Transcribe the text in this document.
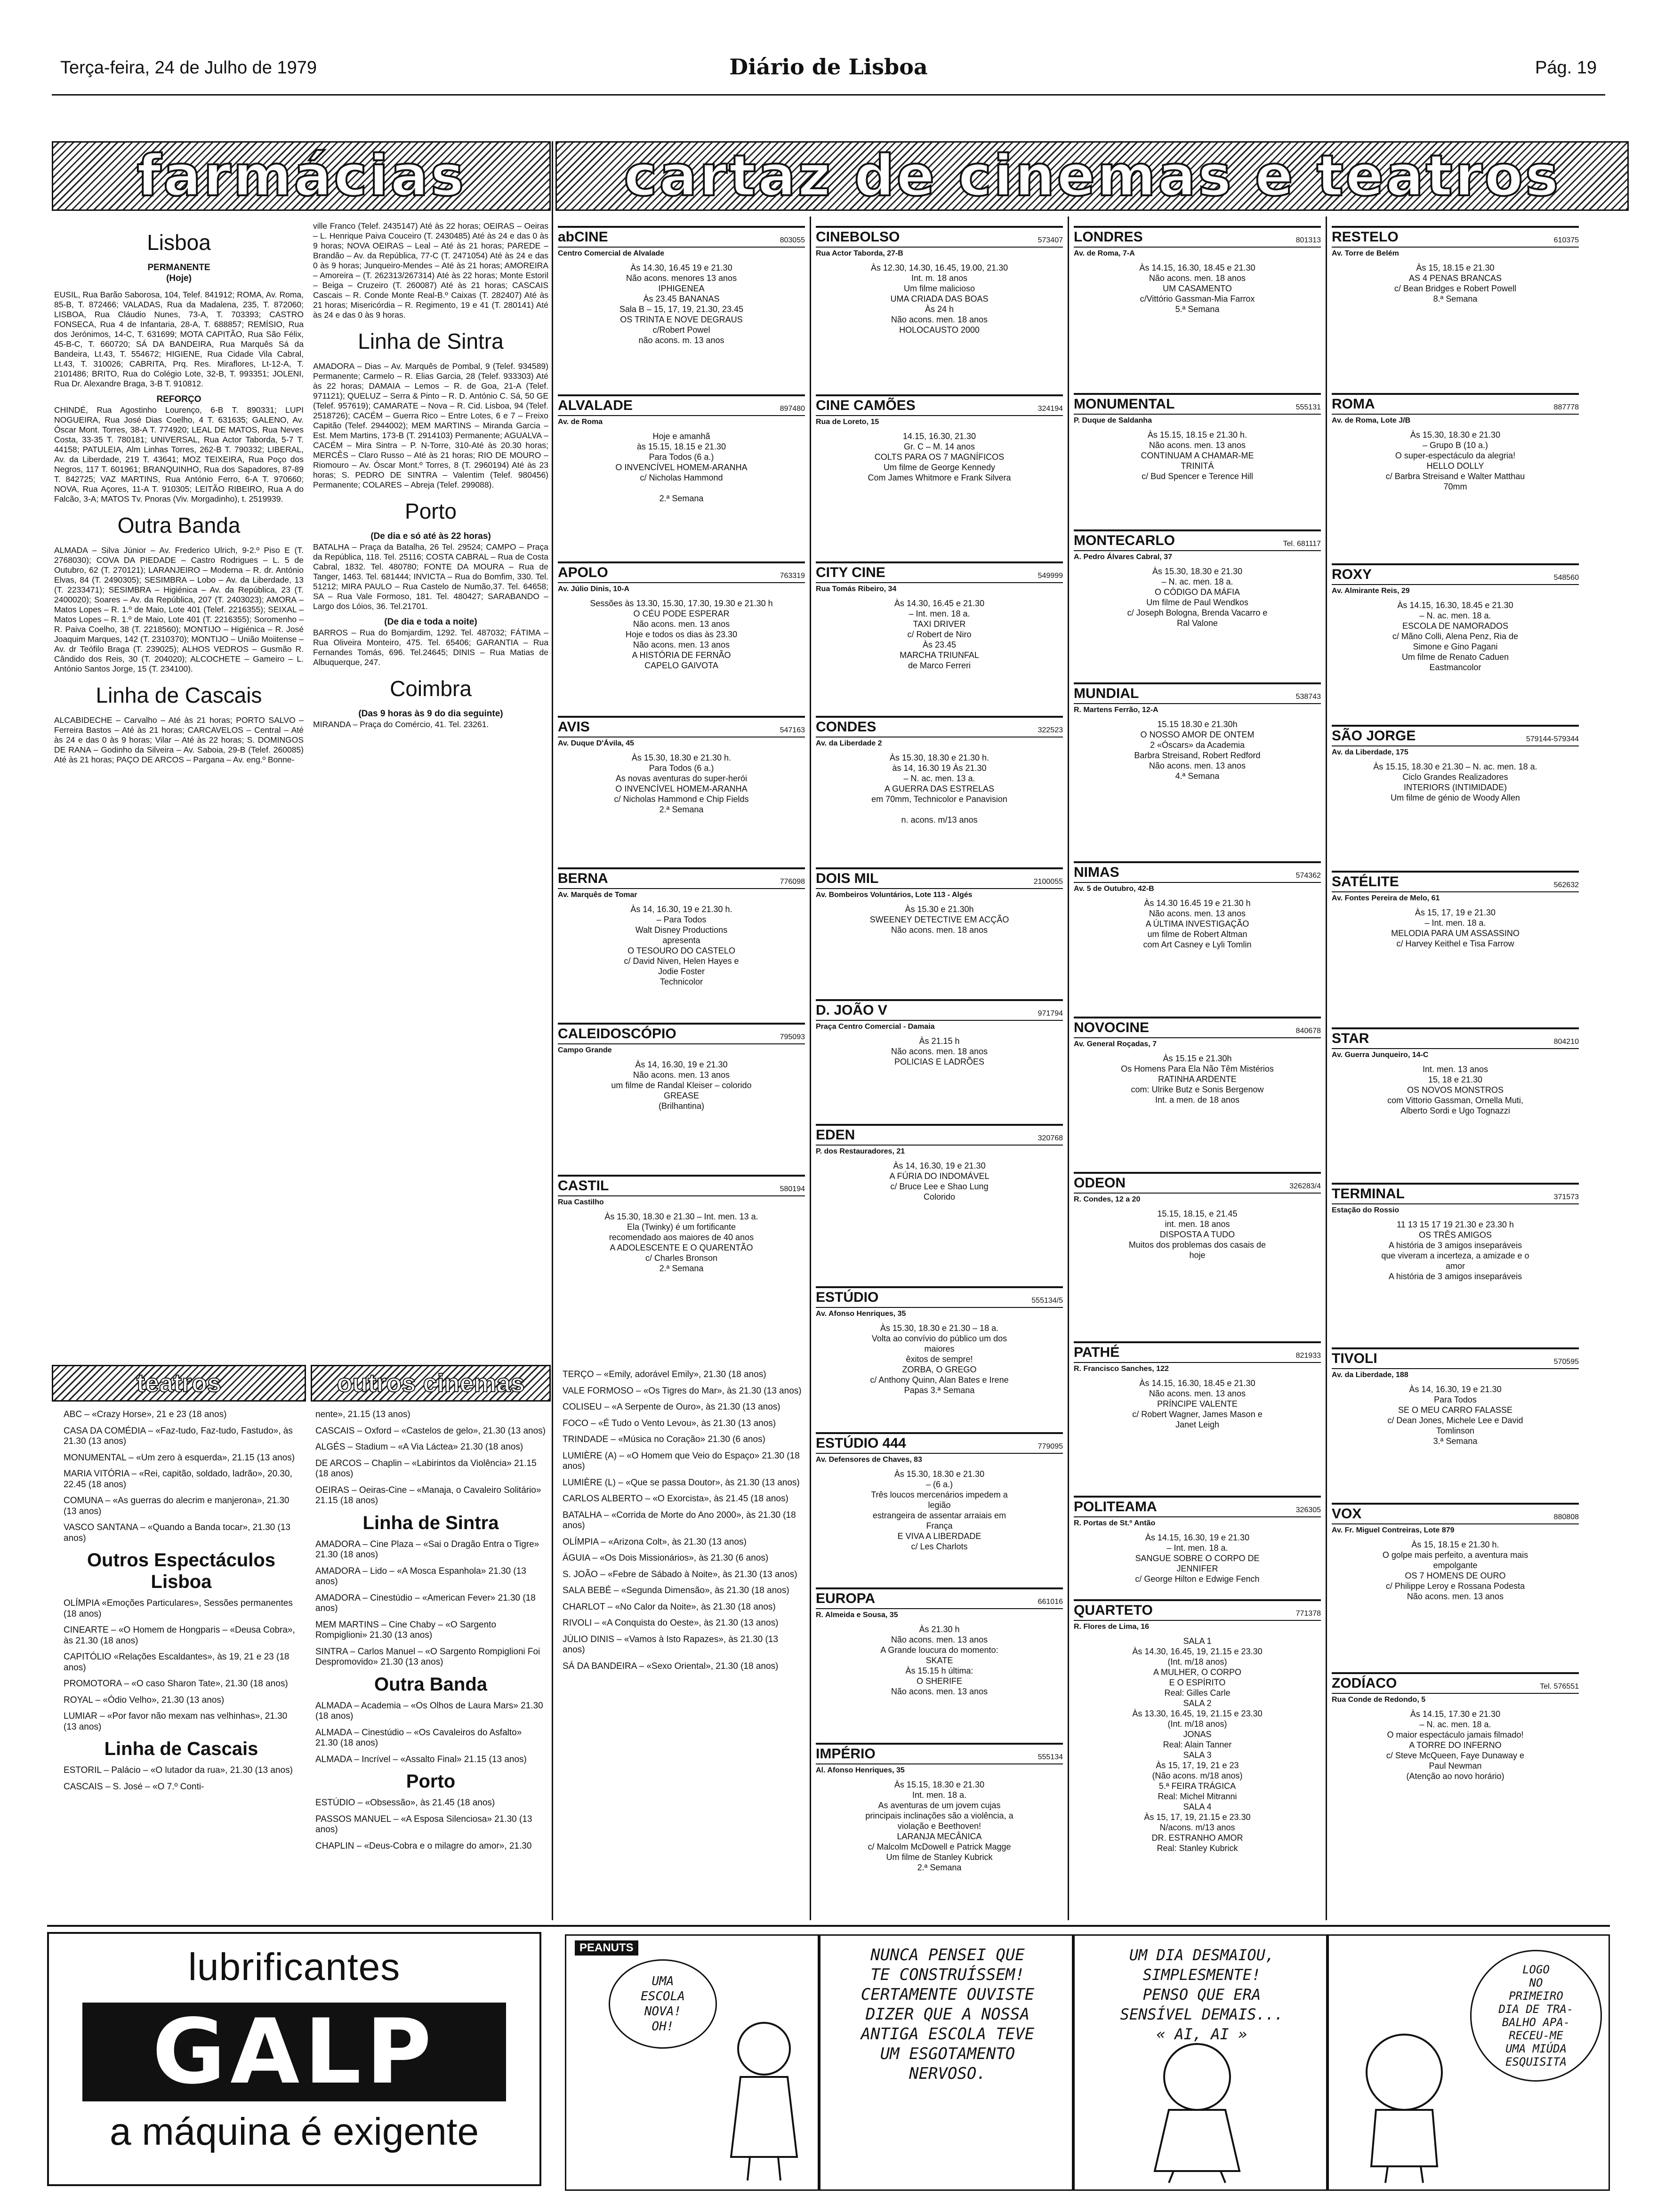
Terça-feira, 24 de Julho de 1979	Diário de Lisboa	Pág. 19
farmácias	cartaz de cinemas e teatros
Lisboa
PERMANENTE
(Hoje)

EUSIL, Rua Barão Saborosa, 104, Telef. 841912; ROMA, Av. Roma, 85-B, T. 872466; VALADAS, Rua da Madalena, 235, T. 872060; LISBOA, Rua Cláudio Nunes, 73-A, T. 703393; CASTRO FONSECA, Rua 4 de Infantaria, 28-A, T. 688857; REMÍSIO, Rua dos Jerónimos, 14-C, T. 631699; MOTA CAPITÃO, Rua São Félix, 45-B-C, T. 660720; SÁ DA BANDEIRA, Rua Marquês Sá da Bandeira, Lt.43, T. 554672; HIGIENE, Rua Cidade Vila Cabral, Lt.43, T. 310026; CABRITA, Prq. Res. Miraflores, Lt-12-A, T. 2101486; BRITO, Rua do Colégio Lote, 32-B, T. 993351; JOLENI, Rua Dr. Alexandre Braga, 3-B T. 910812.

REFORÇO

CHINDÉ, Rua Agostinho Lourenço, 6-B T. 890331; LUPI NOGUEIRA, Rua José Dias Coelho, 4 T. 631635; GALENO, Av. Óscar Mont. Torres, 38-A T. 774920; LEAL DE MATOS, Rua Neves Costa, 33-35 T. 780181; UNIVERSAL, Rua Actor Taborda, 5-7 T. 44158; PATULEIA, Alm Linhas Torres, 262-B T. 790332; LIBERAL, Av. da Liberdade, 219 T. 43641; MOZ TEIXEIRA, Rua Poço dos Negros, 117 T. 601961; BRANQUINHO, Rua dos Sapadores, 87-89 T. 842725; VAZ MARTINS, Rua António Ferro, 6-A T. 970660; NOVA, Rua Açores, 11-A T. 910305; LEITÃO RIBEIRO, Rua A do Falcão, 3-A; MATOS Tv. Pnoras (Viv. Morgadinho), t. 2519939.

Outra Banda

ALMADA – Silva Júnior – Av. Frederico Ulrich, 9-2.º Piso E (T. 2768030); COVA DA PIEDADE – Castro Rodrigues – L. 5 de Outubro, 62 (T. 270121); LARANJEIRO – Moderna – R. dr. António Elvas, 84 (T. 2490305); SESIMBRA – Lobo – Av. da Liberdade, 13 (T. 2233471); SESIMBRA – Higiénica – Av. da República, 23 (T. 2400020); Soares – Av. da República, 207 (T. 2403023); AMORA – Matos Lopes – R. 1.º de Maio, Lote 401 (Telef. 2216355); SEIXAL – Matos Lopes – R. 1.º de Maio, Lote 401 (T. 2216355); Soromenho – R. Paiva Coelho, 38 (T. 2218560); MONTIJO – Higiénica – R. José Joaquim Marques, 142 (T. 2310370); MONTIJO – União Moiitense – Av. dr Teófilo Braga (T. 239025); ALHOS VEDROS – Gusmão R. Cândido dos Reis, 30 (T. 204020); ALCOCHETE – Gameiro – L. António Santos Jorge, 15 (T. 234100).

Linha de Cascais

ALCABIDECHE – Carvalho – Até às 21 horas; PORTO SALVO – Ferreira Bastos – Até às 21 horas; CARCAVELOS – Central – Até às 24 e das 0 às 9 horas; Vilar – Até às 22 horas; S. DOMINGOS DE RANA – Godinho da Silveira – Av. Saboia, 29-B (Telef. 260085) Até às 21 horas; PAÇO DE ARCOS – Pargana – Av. eng.º Bonne-

ville Franco (Telef. 2435147) Até às 22 horas; OEIRAS – Oeiras – L. Henrique Paiva Couceiro (T. 2430485) Até às 24 e das 0 às 9 horas; NOVA OEIRAS – Leal – Até às 21 horas; PAREDE – Brandão – Av. da República, 77-C (T. 2471054) Até às 24 e das 0 às 9 horas; Junqueiro-Mendes – Até às 21 horas; AMOREIRA – Amoreira – (T. 262313/267314) Até às 22 horas; Monte Estoril – Beiga – Cruzeiro (T. 260087) Até às 21 horas; CASCAIS Cascais – R. Conde Monte Real-B.º Caixas (T. 282407) Até às 21 horas; Misericórdia – R. Regimento, 19 e 41 (T. 280141) Até às 24 e das 0 às 9 horas.

Linha de Sintra

AMADORA – Dias – Av. Marquês de Pombal, 9 (Telef. 934589) Permanente; Carmelo – R. Elias Garcia, 28 (Telef. 933303) Até às 22 horas; DAMAIA – Lemos – R. de Goa, 21-A (Telef. 971121); QUELUZ – Serra & Pinto – R. D. António C. Sá, 50 GE (Telef. 957619); CAMARATE – Nova – R. Cid. Lisboa, 94 (Telef. 2518726); CACÉM – Guerra Rico – Entre Lotes, 6 e 7 – Freixo Capitão (Telef. 2944002); MEM MARTINS – Miranda Garcia – Est. Mem Martins, 173-B (T. 2914103) Permanente; AGUALVA – CACÉM – Mira Sintra – P. N-Torre, 310-Até às 20.30 horas; MERCÊS – Claro Russo – Até às 21 horas; RIO DE MOURO – Riomouro – Av. Óscar Mont.º Torres, 8 (T. 2960194) Até às 23 horas; S. PEDRO DE SINTRA – Valentim (Telef. 980456) Permanente; COLARES – Abreja (Telef. 299088).

Porto
(De dia e só até às 22 horas)

BATALHA – Praça da Batalha, 26 Tel. 29524; CAMPO – Praça da República, 118. Tel. 25116; COSTA CABRAL – Rua de Costa Cabral, 1832. Tel. 480780; FONTE DA MOURA – Rua de Tanger, 1463. Tel. 681444; INVICTA – Rua do Bomfim, 330. Tel. 51212; MIRA PAULO – Rua Castelo de Numão,37. Tel. 64658; SA – Rua Vale Formoso, 181. Tel. 480427; SARABANDO – Largo dos Lóios, 36. Tel.21701.

(De dia e toda a noite)

BARROS – Rua do Bomjardim, 1292. Tel. 487032; FÁTIMA – Rua Oliveira Monteiro, 475. Tel. 65406; GARANTIA – Rua Fernandes Tomás, 696. Tel.24645; DINIS – Rua Matias de Albuquerque, 247.

Coimbra
(Das 9 horas às 9 do dia seguinte)

MIRANDA – Praça do Comércio, 41. Tel. 23261.

abCINE	803055
Centro Comercial de Alvalade
Às 14.30, 16.45 19 e 21.30
Não acons. menores 13 anos
IPHIGENEA
Às 23.45 BANANAS
Sala B – 15, 17, 19, 21.30, 23.45
OS TRINTA E NOVE DEGRAUS
c/Robert Powel
não acons. m. 13 anos
ALVALADE	897480
Av. de Roma
Hoje e amanhã
às 15.15, 18.15 e 21.30
Para Todos (6 a.)
O INVENCÍVEL HOMEM-ARANHA
c/ Nicholas Hammond

2.ª Semana
APOLO	763319
Av. Júlio Dinis, 10-A
Sessões às 13.30, 15.30, 17.30, 19.30 e 21.30 h
O CÉU PODE ESPERAR
Não acons. men. 13 anos
Hoje e todos os dias às 23.30
Não acons. men. 13 anos
A HISTÓRIA DE FERNÃO
CAPELO GAIVOTA
AVIS	547163
Av. Duque D'Ávila, 45
Às 15.30, 18.30 e 21.30 h.
Para Todos (6 a.)
As novas aventuras do super-herói
O INVENCÍVEL HOMEM-ARANHA
c/ Nicholas Hammond e Chip Fields
2.ª Semana
BERNA	776098
Av. Marquês de Tomar
Às 14, 16.30, 19 e 21.30 h.
– Para Todos
Walt Disney Productions
apresenta
O TESOURO DO CASTELO
c/ David Niven, Helen Hayes e
Jodie Foster
Technicolor
CALEIDOSCÓPIO	795093
Campo Grande
Às 14, 16.30, 19 e 21.30
Não acons. men. 13 anos
um filme de Randal Kleiser – colorido
GREASE
(Brilhantina)
CASTIL	580194
Rua Castilho
Às 15.30, 18.30 e 21.30 – Int. men. 13 a.
Ela (Twinky) é um fortificante
recomendado aos maiores de 40 anos
A ADOLESCENTE E O QUARENTÃO
c/ Charles Bronson
2.ª Semana
CINEBOLSO	573407
Rua Actor Taborda, 27-B
Às 12.30, 14.30, 16.45, 19.00, 21.30
Int. m. 18 anos
Um filme malicioso
UMA CRIADA DAS BOAS
Às 24 h
Não acons. men. 18 anos
HOLOCAUSTO 2000
CINE CAMÕES	324194
Rua de Loreto, 15
14.15, 16.30, 21.30
Gr. C – M. 14 anos
COLTS PARA OS 7 MAGNÍFICOS
Um filme de George Kennedy
Com James Whitmore e Frank Silvera
CITY CINE	549999
Rua Tomás Ribeiro, 34
Às 14.30, 16.45 e 21.30
– Int. men. 18 a.
TAXI DRIVER
c/ Robert de Niro
Às 23.45
MARCHA TRIUNFAL
de Marco Ferreri
CONDES	322523
Av. da Liberdade 2
Às 15.30, 18.30 e 21.30 h.
às 14, 16.30 19 Às 21.30
– N. ac. men. 13 a.
A GUERRA DAS ESTRELAS
em 70mm, Technicolor e Panavision

n. acons. m/13 anos
DOIS MIL	2100055
Av. Bombeiros Voluntários, Lote 113 - Algés
Às 15.30 e 21.30h
SWEENEY DETECTIVE EM ACÇÃO
Não acons. men. 18 anos
D. JOÃO V	971794
Praça Centro Comercial - Damaia
Às 21.15 h
Não acons. men. 18 anos
POLICIAS E LADRÕES
EDEN	320768
P. dos Restauradores, 21
Às 14, 16.30, 19 e 21.30
A FÚRIA DO INDOMÁVEL
c/ Bruce Lee e Shao Lung
Colorido
ESTÚDIO	555134/5
Av. Afonso Henriques, 35
Às 15.30, 18.30 e 21.30 – 18 a.
Volta ao convívio do público um dos
maiores
êxitos de sempre!
ZORBA, O GREGO
c/ Anthony Quinn, Alan Bates e Irene
Papas 3.ª Semana
ESTÚDIO 444	779095
Av. Defensores de Chaves, 83
Às 15.30, 18.30 e 21.30
– (6 a.)
Três loucos mercenários impedem a
legião
estrangeira de assentar arraiais em
França
E VIVA A LIBERDADE
c/ Les Charlots
EUROPA	661016
R. Almeida e Sousa, 35
Às 21.30 h
Não acons. men. 13 anos
A Grande loucura do momento:
SKATE
Às 15.15 h última:
O SHERIFE
Não acons. men. 13 anos
IMPÉRIO	555134
Al. Afonso Henriques, 35
Às 15.15, 18.30 e 21.30
Int. men. 18 a.
As aventuras de um jovem cujas
principais inclinações são a violência, a
violação e Beethoven!
LARANJA MECÂNICA
c/ Malcolm McDowell e Patrick Magge
Um filme de Stanley Kubrick
2.ª Semana
LONDRES	801313
Av. de Roma, 7-A
Às 14.15, 16.30, 18.45 e 21.30
Não acons. men. 18 anos
UM CASAMENTO
c/Vittório Gassman-Mia Farrox
5.ª Semana
MONUMENTAL	555131
P. Duque de Saldanha
Às 15.15, 18.15 e 21.30 h.
Não acons. men. 13 anos
CONTINUAM A CHAMAR-ME
TRINITÁ
c/ Bud Spencer e Terence Hill
MONTECARLO	Tel. 681117
A. Pedro Álvares Cabral, 37
Às 15.30, 18.30 e 21.30
– N. ac. men. 18 a.
O CÓDIGO DA MÁFIA
Um filme de Paul Wendkos
c/ Joseph Bologna, Brenda Vacarro e
Ral Valone
MUNDIAL	538743
R. Martens Ferrão, 12-A
15.15 18.30 e 21.30h
O NOSSO AMOR DE ONTEM
2 «Óscars» da Academia
Barbra Streisand, Robert Redford
Não acons. men. 13 anos
4.ª Semana
NIMAS	574362
Av. 5 de Outubro, 42-B
Às 14.30 16.45 19 e 21.30 h
Não acons. men. 13 anos
A ÚLTIMA INVESTIGAÇÃO
um filme de Robert Altman
com Art Casney e Lyli Tomlin
NOVOCINE	840678
Av. General Roçadas, 7
Às 15.15 e 21.30h
Os Homens Para Ela Não Têm Mistérios
RATINHA ARDENTE
com: Ulrike Butz e Sonis Bergenow
Int. a men. de 18 anos
ODEON	326283/4
R. Condes, 12 a 20
15.15, 18.15, e 21.45
int. men. 18 anos
DISPOSTA A TUDO
Muitos dos problemas dos casais de
hoje
PATHÉ	821933
R. Francisco Sanches, 122
Às 14.15, 16.30, 18.45 e 21.30
Não acons. men. 13 anos
PRÍNCIPE VALENTE
c/ Robert Wagner, James Mason e
Janet Leigh
POLITEAMA	326305
R. Portas de St.º Antão
Às 14.15, 16.30, 19 e 21.30
– Int. men. 18 a.
SANGUE SOBRE O CORPO DE
JENNIFER
c/ George Hilton e Edwige Fench
QUARTETO	771378
R. Flores de Lima, 16
SALA 1
Às 14.30, 16.45, 19, 21.15 e 23.30
(Int. m/18 anos)
A MULHER, O CORPO
E O ESPÍRITO
Real: Gilles Carle
SALA 2
Às 13.30, 16.45, 19, 21.15 e 23.30
(Int. m/18 anos)
JONAS
Real: Alain Tanner
SALA 3
Às 15, 17, 19, 21 e 23
(Não acons. m/18 anos)
5.ª FEIRA TRÁGICA
Real: Michel Mitranni
SALA 4
Às 15, 17, 19, 21.15 e 23.30
N/acons. m/13 anos
DR. ESTRANHO AMOR
Real: Stanley Kubrick
RESTELO	610375
Av. Torre de Belém
Às 15, 18.15 e 21.30
AS 4 PENAS BRANCAS
c/ Bean Bridges e Robert Powell
8.ª Semana
ROMA	887778
Av. de Roma, Lote J/B
Às 15.30, 18.30 e 21.30
– Grupo B (10 a.)
O super-espectáculo da alegria!
HELLO DOLLY
c/ Barbra Streisand e Walter Matthau
70mm
ROXY	548560
Av. Almirante Reis, 29
Às 14.15, 16.30, 18.45 e 21.30
– N. ac. men. 18 a.
ESCOLA DE NAMORADOS
c/ Mãno Colli, Alena Penz, Ria de
Simone e Gino Pagani
Um filme de Renato Caduen
Eastmancolor
SÃO JORGE	579144-579344
Av. da Liberdade, 175
Às 15.15, 18.30 e 21.30 – N. ac. men. 18 a.
Ciclo Grandes Realizadores
INTERIORS (INTIMIDADE)
Um filme de génio de Woody Allen
SATÉLITE	562632
Av. Fontes Pereira de Melo, 61
Às 15, 17, 19 e 21.30
– Int. men. 18 a.
MELODIA PARA UM ASSASSINO
c/ Harvey Keithel e Tisa Farrow
STAR	804210
Av. Guerra Junqueiro, 14-C
Int. men. 13 anos
15, 18 e 21.30
OS NOVOS MONSTROS
com Vittorio Gassman, Ornella Muti,
Alberto Sordi e Ugo Tognazzi
TERMINAL	371573
Estação do Rossio
11 13 15 17 19 21.30 e 23.30 h
OS TRÊS AMIGOS
A história de 3 amigos inseparáveis
que viveram a incerteza, a amizade e o
amor
A história de 3 amigos inseparáveis
TIVOLI	570595
Av. da Liberdade, 188
Às 14, 16.30, 19 e 21.30
Para Todos
SE O MEU CARRO FALASSE
c/ Dean Jones, Michele Lee e David
Tomlinson
3.ª Semana
VOX	880808
Av. Fr. Miguel Contreiras, Lote 879
Às 15, 18.15 e 21.30 h.
O golpe mais perfeito, a aventura mais
empolgante
OS 7 HOMENS DE OURO
c/ Philippe Leroy e Rossana Podesta
Não acons. men. 13 anos
ZODÍACO	Tel. 576551
Rua Conde de Redondo, 5
Às 14.15, 17.30 e 21.30
– N. ac. men. 18 a.
O maior espectáculo jamais filmado!
A TORRE DO INFERNO
c/ Steve McQueen, Faye Dunaway e
Paul Newman
(Atenção ao novo horário)
teatros	outros cinemas

ABC – «Crazy Horse», 21 e 23 (18 anos)

CASA DA COMÉDIA – «Faz-tudo, Faz-tudo, Fastudo», às 21.30 (13 anos)

MONUMENTAL – «Um zero à esquerda», 21.15 (13 anos)

MARIA VITÓRIA – «Rei, capitão, soldado, ladrão», 20.30, 22.45 (18 anos)

COMUNA – «As guerras do alecrim e manjerona», 21.30 (13 anos)

VASCO SANTANA – «Quando a Banda tocar», 21.30 (13 anos)

Outros Espectáculos
Lisboa

OLÍMPIA «Emoções Particulares», Sessões permanentes (18 anos)

CINEARTE – «O Homem de Hongparis – «Deusa Cobra», às 21.30 (18 anos)

CAPITÓLIO «Relações Escaldantes», às 19, 21 e 23 (18 anos)

PROMOTORA – «O caso Sharon Tate», 21.30 (18 anos)

ROYAL – «Ódio Velho», 21.30 (13 anos)

LUMIAR – «Por favor não mexam nas velhinhas», 21.30 (13 anos)

Linha de Cascais

ESTORIL – Palácio – «O lutador da rua», 21.30 (13 anos)

CASCAIS – S. José – «O 7.º Conti-

nente», 21.15 (13 anos)

CASCAIS – Oxford – «Castelos de gelo», 21.30 (13 anos)

ALGÉS – Stadium – «A Via Láctea» 21.30 (18 anos)

DE ARCOS – Chaplin – «Labirintos da Violência» 21.15 (18 anos)

OEIRAS – Oeiras-Cine – «Manaja, o Cavaleiro Solitário» 21.15 (18 anos)

Linha de Sintra

AMADORA – Cine Plaza – «Sai o Dragão Entra o Tigre» 21.30 (18 anos)

AMADORA – Lido – «A Mosca Espanhola» 21.30 (13 anos)

AMADORA – Cinestúdio – «American Fever» 21.30 (18 anos)

MEM MARTINS – Cine Chaby – «O Sargento Rompiglioni» 21.30 (13 anos)

SINTRA – Carlos Manuel – «O Sargento Rompiglioni Foi Despromovido» 21.30 (13 anos)

Outra Banda

ALMADA – Academia – «Os Olhos de Laura Mars» 21.30 (18 anos)

ALMADA – Cinestúdio – «Os Cavaleiros do Asfalto» 21.30 (18 anos)

ALMADA – Incrível – «Assalto Final» 21.15 (13 anos)

Porto

ESTÚDIO – «Obsessão», às 21.45 (18 anos)

PASSOS MANUEL – «A Esposa Silenciosa» 21.30 (13 anos)

CHAPLIN – «Deus-Cobra e o milagre do amor», 21.30

TERÇO – «Emily, adorável Emily», 21.30 (18 anos)

VALE FORMOSO – «Os Tigres do Mar», às 21.30 (13 anos)

COLISEU – «A Serpente de Ouro», às 21.30 (13 anos)

FOCO – «É Tudo o Vento Levou», às 21.30 (13 anos)

TRINDADE – «Música no Coração» 21.30 (6 anos)

LUMIÈRE (A) – «O Homem que Veio do Espaço» 21.30 (18 anos)

LUMIÈRE (L) – «Que se passa Doutor», às 21.30 (13 anos)

CARLOS ALBERTO – «O Exorcista», às 21.45 (18 anos)

BATALHA – «Corrida de Morte do Ano 2000», às 21.30 (18 anos)

OLÍMPIA – «Arizona Colt», às 21.30 (13 anos)

ÁGUIA – «Os Dois Missionários», às 21.30 (6 anos)

S. JOÃO – «Febre de Sábado à Noite», às 21.30 (13 anos)

SALA BEBÉ – «Segunda Dimensão», às 21.30 (18 anos)

CHARLOT – «No Calor da Noite», às 21.30 (18 anos)

RIVOLI – «A Conquista do Oeste», às 21.30 (13 anos)

JÚLIO DINIS – «Vamos à Isto Rapazes», às 21.30 (13 anos)

SÁ DA BANDEIRA – «Sexo Oriental», 21.30 (18 anos)

lubrificantes
GALP
a máquina é exigente
PEANUTS
UMA
ESCOLA
NOVA!
OH!
NUNCA PENSEI QUE
TE CONSTRUÍSSEM!
CERTAMENTE OUVISTE
DIZER QUE A NOSSA
ANTIGA ESCOLA TEVE
UM ESGOTAMENTO
NERVOSO.
UM DIA DESMAIOU,
SIMPLESMENTE!
PENSO QUE ERA
SENSÍVEL DEMAIS...
« AI, AI »
LOGO
NO
PRIMEIRO
DIA DE TRA-
BALHO APA-
RECEU-ME
UMA MIÚDA
ESQUISITA
